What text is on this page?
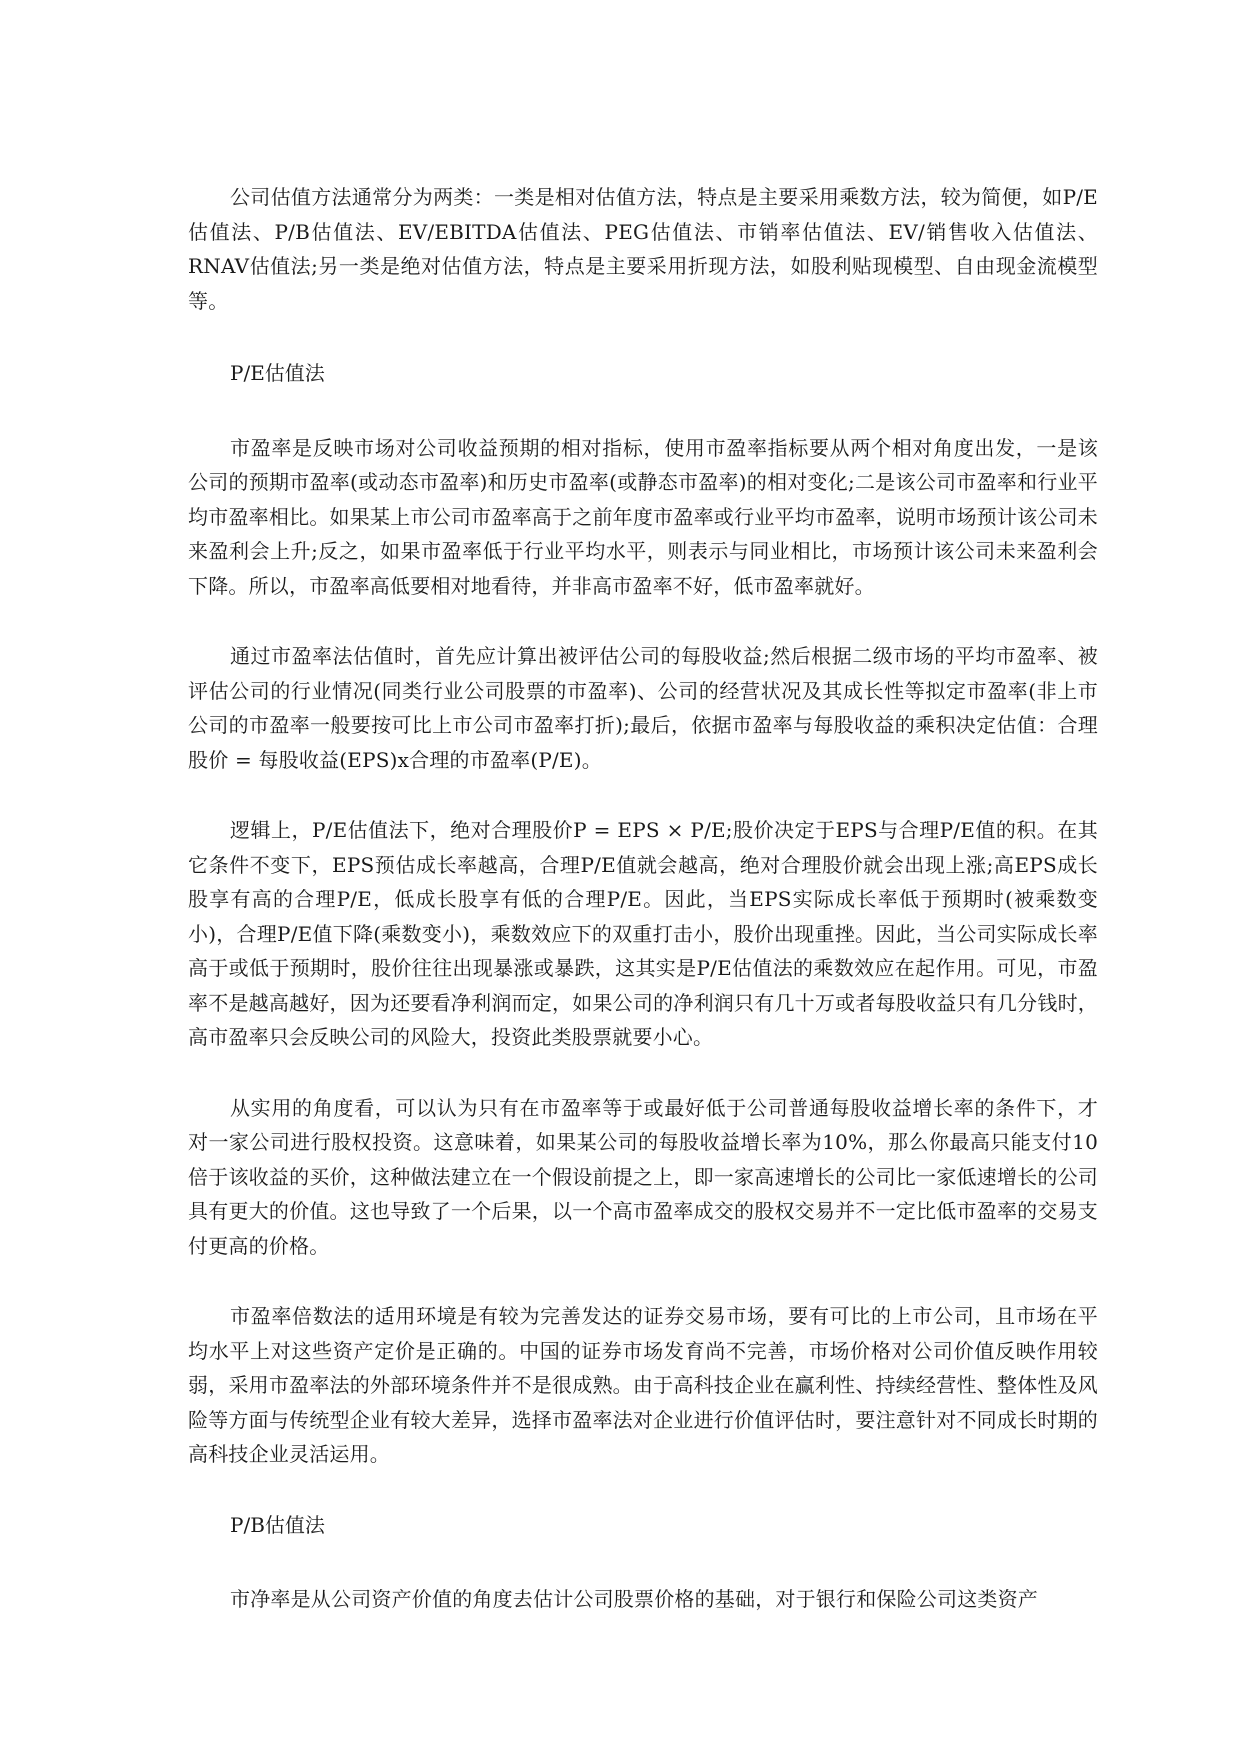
公司估值方法通常分为两类：一类是相对估值方法，特点是主要采用乘数方法，较为简便，如P/E估值法、P/B估值法、EV/EBITDA估值法、PEG估值法、市销率估值法、EV/销售收入估值法、RNAV估值法;另一类是绝对估值方法，特点是主要采用折现方法，如股利贴现模型、自由现金流模型等。

P/E估值法

市盈率是反映市场对公司收益预期的相对指标，使用市盈率指标要从两个相对角度出发，一是该公司的预期市盈率(或动态市盈率)和历史市盈率(或静态市盈率)的相对变化;二是该公司市盈率和行业平均市盈率相比。如果某上市公司市盈率高于之前年度市盈率或行业平均市盈率，说明市场预计该公司未来盈利会上升;反之，如果市盈率低于行业平均水平，则表示与同业相比，市场预计该公司未来盈利会下降。所以，市盈率高低要相对地看待，并非高市盈率不好，低市盈率就好。

通过市盈率法估值时，首先应计算出被评估公司的每股收益;然后根据二级市场的平均市盈率、被评估公司的行业情况(同类行业公司股票的市盈率)、公司的经营状况及其成长性等拟定市盈率(非上市公司的市盈率一般要按可比上市公司市盈率打折);最后，依据市盈率与每股收益的乘积决定估值：合理股价 = 每股收益(EPS)x合理的市盈率(P/E)。

逻辑上，P/E估值法下，绝对合理股价P = EPS × P/E;股价决定于EPS与合理P/E值的积。在其它条件不变下，EPS预估成长率越高，合理P/E值就会越高，绝对合理股价就会出现上涨;高EPS成长股享有高的合理P/E，低成长股享有低的合理P/E。因此，当EPS实际成长率低于预期时(被乘数变小)，合理P/E值下降(乘数变小)，乘数效应下的双重打击小，股价出现重挫。因此，当公司实际成长率高于或低于预期时，股价往往出现暴涨或暴跌，这其实是P/E估值法的乘数效应在起作用。可见，市盈率不是越高越好，因为还要看净利润而定，如果公司的净利润只有几十万或者每股收益只有几分钱时，高市盈率只会反映公司的风险大，投资此类股票就要小心。

从实用的角度看，可以认为只有在市盈率等于或最好低于公司普通每股收益增长率的条件下，才对一家公司进行股权投资。这意味着，如果某公司的每股收益增长率为10%，那么你最高只能支付10倍于该收益的买价，这种做法建立在一个假设前提之上，即一家高速增长的公司比一家低速增长的公司具有更大的价值。这也导致了一个后果，以一个高市盈率成交的股权交易并不一定比低市盈率的交易支付更高的价格。

市盈率倍数法的适用环境是有较为完善发达的证券交易市场，要有可比的上市公司，且市场在平均水平上对这些资产定价是正确的。中国的证券市场发育尚不完善，市场价格对公司价值反映作用较弱，采用市盈率法的外部环境条件并不是很成熟。由于高科技企业在赢利性、持续经营性、整体性及风险等方面与传统型企业有较大差异，选择市盈率法对企业进行价值评估时，要注意针对不同成长时期的高科技企业灵活运用。

P/B估值法

市净率是从公司资产价值的角度去估计公司股票价格的基础，对于银行和保险公司这类资产
